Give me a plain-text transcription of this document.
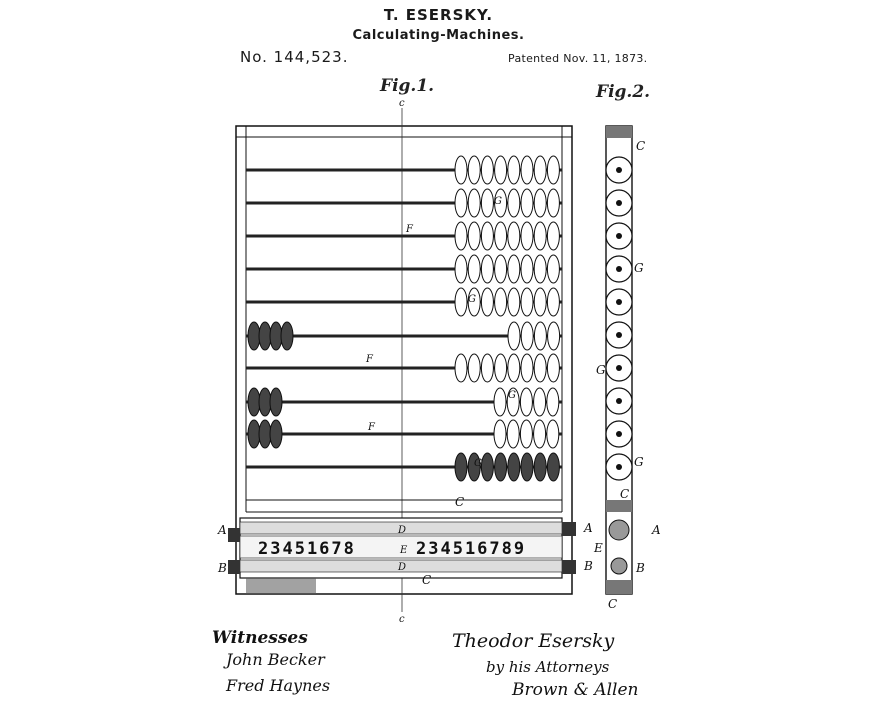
T. ESERSKY.
Calculating-Machines.
No. 144,523.	Patented Nov. 11, 1873.
Fig.1.	Fig.2.
c
c
F
F
F
G
G
G
G
C
23451678	234516789
D
E
D
C
A
B
A
B
C
G
G
G
C
A
E
B
C
Witnesses
John Becker
Fred Haynes
Theodor Esersky
by his Attorneys
Brown & Allen
